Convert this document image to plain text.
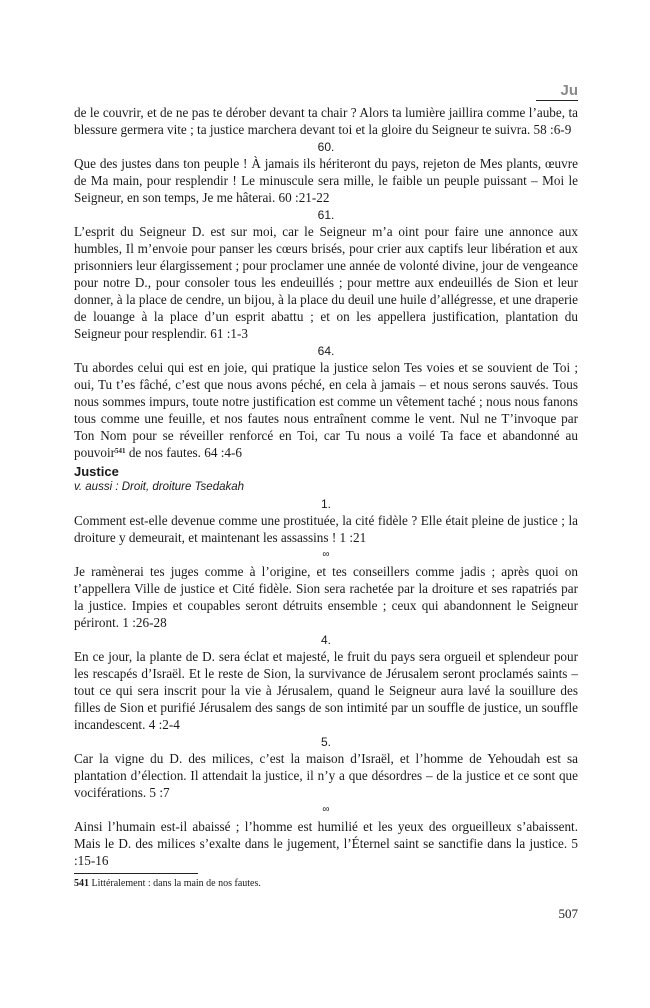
Ju

de le couvrir, et de ne pas te dérober devant ta chair ? Alors ta lumière jaillira comme l’aube, ta blessure germera vite ; ta justice marchera devant toi et la gloire du Seigneur te suivra. 58 :6-9

60.

Que des justes dans ton peuple ! À jamais ils hériteront du pays, rejeton de Mes plants, œuvre de Ma main, pour resplendir ! Le minuscule sera mille, le faible un peuple puissant – Moi le Seigneur, en son temps, Je me hâterai. 60 :21-22

61.

L’esprit du Seigneur D. est sur moi, car le Seigneur m’a oint pour faire une annonce aux humbles, Il m’envoie pour panser les cœurs brisés, pour crier aux captifs leur libération et aux prisonniers leur élargissement ; pour proclamer une année de volonté divine, jour de vengeance pour notre D., pour consoler tous les endeuillés ; pour mettre aux endeuillés de Sion et leur donner, à la place de cendre, un bijou, à la place du deuil une huile d’allégresse, et une draperie de louange à la place d’un esprit abattu ; et on les appellera justification, plantation du Seigneur pour resplendir. 61 :1-3

64.

Tu abordes celui qui est en joie, qui pratique la justice selon Tes voies et se souvient de Toi ; oui, Tu t’es fâché, c’est que nous avons péché, en cela à jamais – et nous serons sauvés. Tous nous sommes impurs, toute notre justification est comme un vêtement taché ; nous nous fanons tous comme une feuille, et nos fautes nous entraînent comme le vent. Nul ne T’invoque par Ton Nom pour se réveiller renforcé en Toi, car Tu nous a voilé Ta face et abandonné au pouvoir$^{541}$ de nos fautes. 64 :4-6

Justice

v. aussi : Droit, droiture Tsedakah

1.

Comment est-elle devenue comme une prostituée, la cité fidèle ? Elle était pleine de justice ; la droiture y demeurait, et maintenant les assassins ! 1 :21

∞

Je ramènerai tes juges comme à l’origine, et tes conseillers comme jadis ; après quoi on t’appellera Ville de justice et Cité fidèle. Sion sera rachetée par la droiture et ses rapatriés par la justice. Impies et coupables seront détruits ensemble ; ceux qui abandonnent le Seigneur périront. 1 :26-28

4.

En ce jour, la plante de D. sera éclat et majesté, le fruit du pays sera orgueil et splendeur pour les rescapés d’Israël. Et le reste de Sion, la survivance de Jérusalem seront proclamés saints – tout ce qui sera inscrit pour la vie à Jérusalem, quand le Seigneur aura lavé la souillure des filles de Sion et purifié Jérusalem des sangs de son intimité par un souffle de justice, un souffle incandescent. 4 :2-4

5.

Car la vigne du D. des milices, c’est la maison d’Israël, et l’homme de Yehoudah est sa plantation d’élection. Il attendait la justice, il n’y a que désordres – de la justice et ce sont que vociférations. 5 :7

∞

Ainsi l’humain est-il abaissé ; l’homme est humilié et les yeux des orgueilleux s’abaissent. Mais le D. des milices s’exalte dans le jugement, l’Éternel saint se sanctifie dans la justice. 5 :15-16

541 Littéralement : dans la main de nos fautes.
507
